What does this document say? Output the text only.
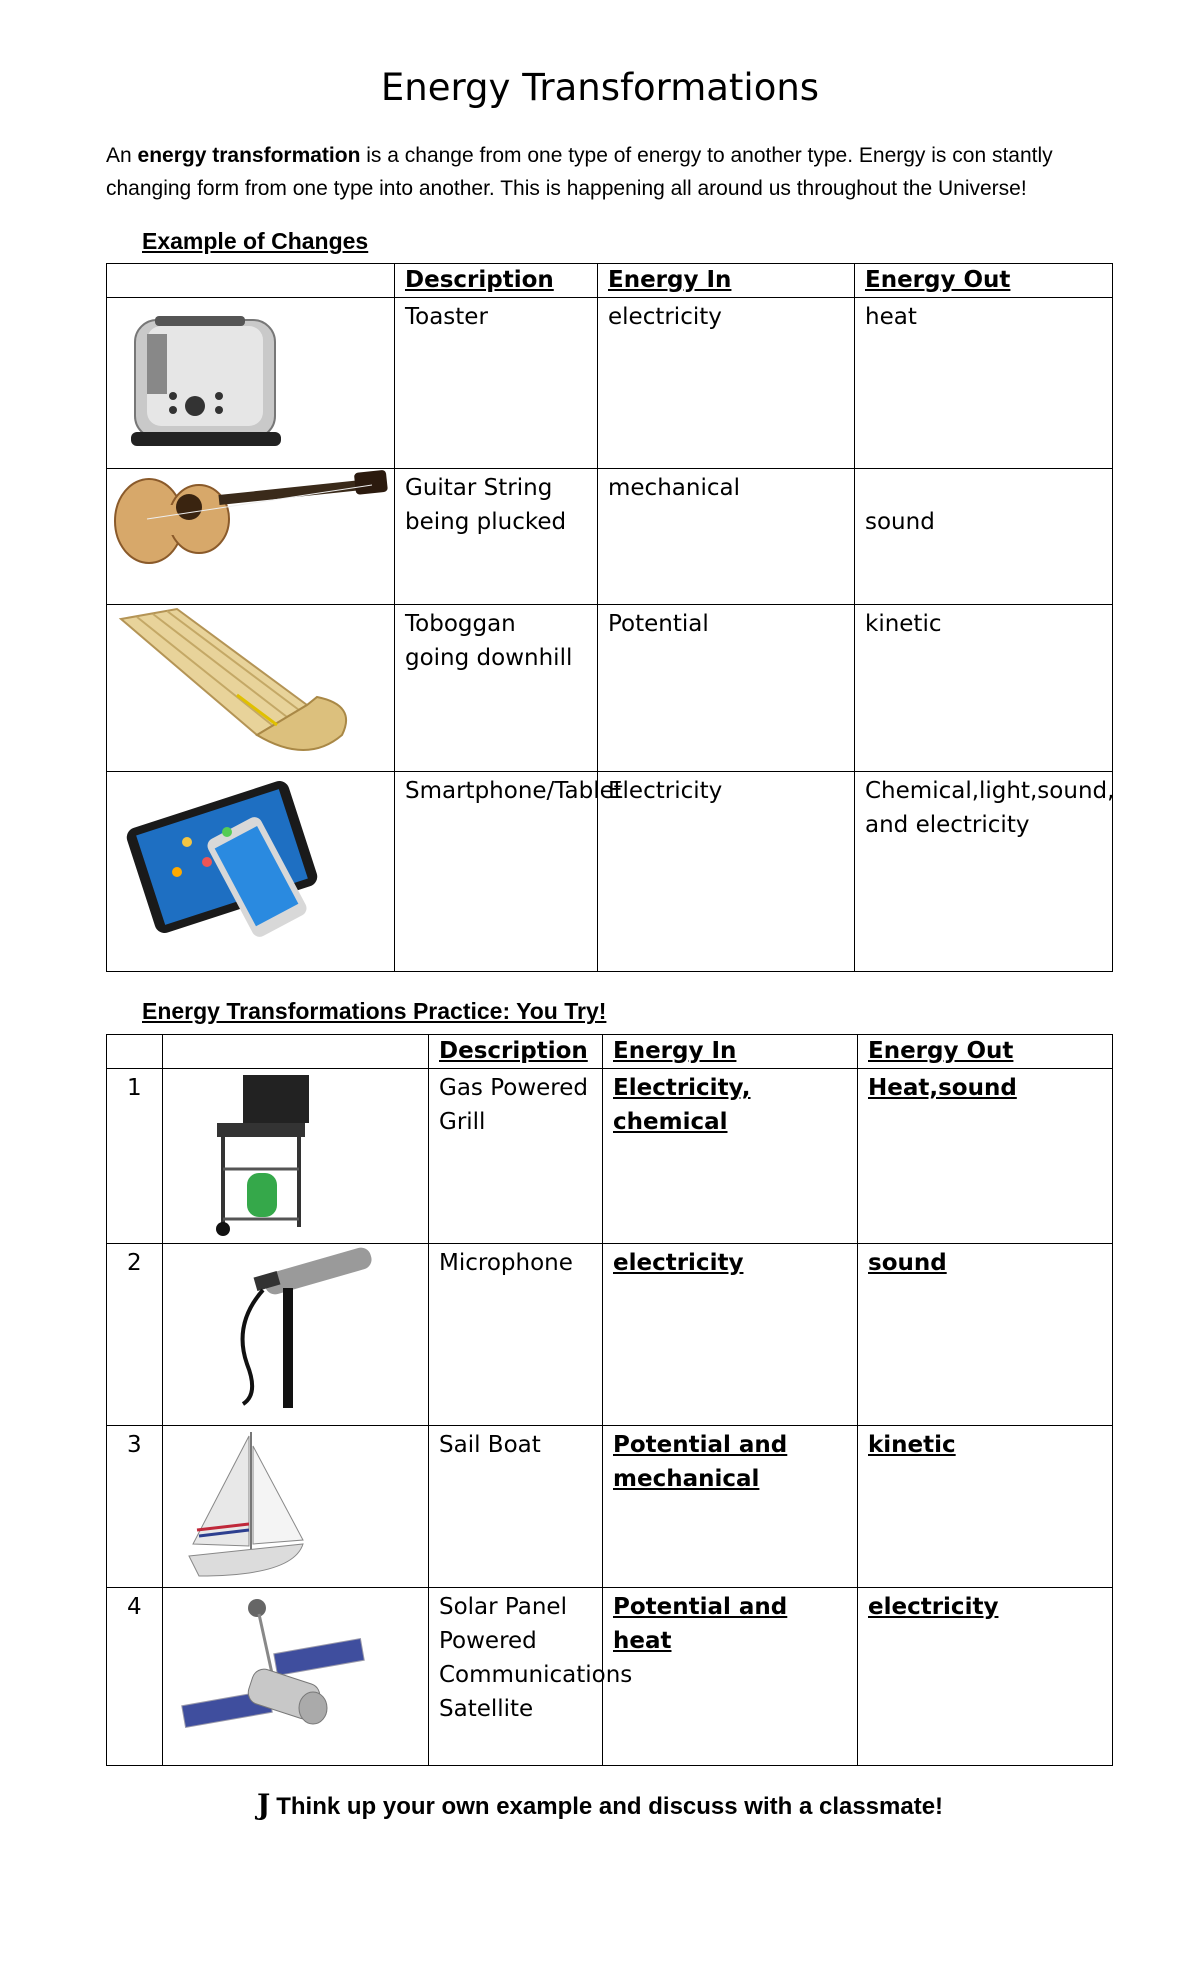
Energy Transformations
An energy transformation is a change from one type of energy to another type. Energy is con stantly
changing form from one type into another. This is happening all around us throughout the Universe!
Example of Changes
	Description	Energy In	Energy Out

Toaster	electricity	heat

Guitar String being plucked	mechanical	sound

Toboggan going downhill	Potential	kinetic

Smartphone/Tablet	Electricity	Chemical,light,sound, and electricity
Energy Transformations Practice: You Try!
		Description	Energy In	Energy Out

1		Gas Powered Grill	Electricity, chemical	Heat,sound

2		Microphone	electricity	sound

3		Sail Boat	Potential and mechanical	kinetic

4		Solar Panel Powered Communications Satellite	Potential and heat	electricity
J Think up your own example and discuss with a classmate!
